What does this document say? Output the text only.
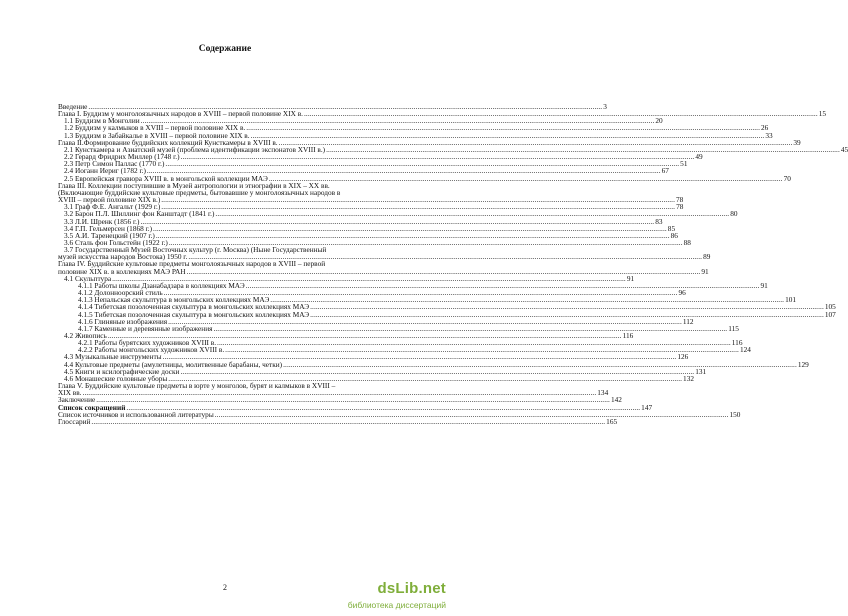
Содержание
Введение .....	3
Глава I. Буддизм у монголоязычных народов в XVIII – первой половине XIX в. .....	15
1.1 Буддизм в Монголии .....	20
1.2 Буддизм у калмыков в XVIII – первой половине XIX в. .....	26
1.3 Буддизм в Забайкалье в XVIII – первой половине XIX в. .....	33
Глава II.Формирование буддийских коллекций Кунсткамеры в XVIII в. .....	39
2.1 Кунсткамера и Азиатский музей (проблема идентификации экспонатов XVIII в.) .....	45
2.2 Герард Фридрих Миллер (1748 г.) .....	49
2.3 Петр Симон Паллас (1770 г.) .....	51
2.4 Иоганн Иериг (1782 г.) .....	67
2.5 Европейская гравюра XVIII в. в монгольской коллекции МАЭ .....	70
Глава III. Коллекции поступившие в Музей антропологии и этнографии в XIX – XX вв.
(Включающие буддийские культовые предметы, бытовавшие у монголоязычных народов в
XVIII – первой половине XIX в.) .....	78
3.1 Граф Ф.Е. Ангальт (1929 г.) .....	78
3.2 Барон П.Л. Шиллинг фон Канштадт (1841 г.) .....	80
3.3 Л.И. Шренк (1856 г.) .....	83
3.4 Г.П. Гельмерсен (1868 г.) .....	85
3.5 А.И. Таренецкий (1907 г.) .....	86
3.6 Сталь фон Гольстейн (1922 г.) .....	88
3.7 Государственный Музей Восточных культур (г. Москва) (Ныне Государственный
музей искусства народов Востока) 1950 г. .....	89
Глава IV. Буддийские культовые предметы монголоязычных народов в XVIII – первой
половине XIX в. в коллекциях МАЭ РАН .....	91
4.1 Скульптура .....	91
4.1.1 Работы школы Дзанабадзара в коллекциях МАЭ .....	91
4.1.2 Долонноорский стиль .....	96
4.1.3 Непальская скульптура в монгольских коллекциях МАЭ .....	101
4.1.4 Тибетская позолоченная скульптура в монгольских коллекциях МАЭ .....	105
4.1.5 Тибетская позолоченная скульптура в монгольских коллекциях МАЭ .....	107
4.1.6 Глиняные изображения .....	112
4.1.7 Каменные и деревянные изображения .....	115
4.2 Живопись .....	116
4.2.1 Работы бурятских художников XVIII в. .....	116
4.2.2 Работы монгольских художников XVIII в. .....	124
4.3 Музыкальные инструменты .....	126
4.4 Культовые предметы (амулетницы, молитвенные барабаны, четки) .....	129
4.5 Книги и ксилографические доски .....	131
4.6 Монашеские головные уборы .....	132
Глава V. Буддийские культовые предметы в юрте у монголов, бурят и калмыков в XVIII –
XIX вв. .....	134
Заключение .....	142
Список сокращений .....	147
Список источников и использованной литературы .....	150
Глоссарий .....	165
2	dsLib.net
библиотека диссертаций
